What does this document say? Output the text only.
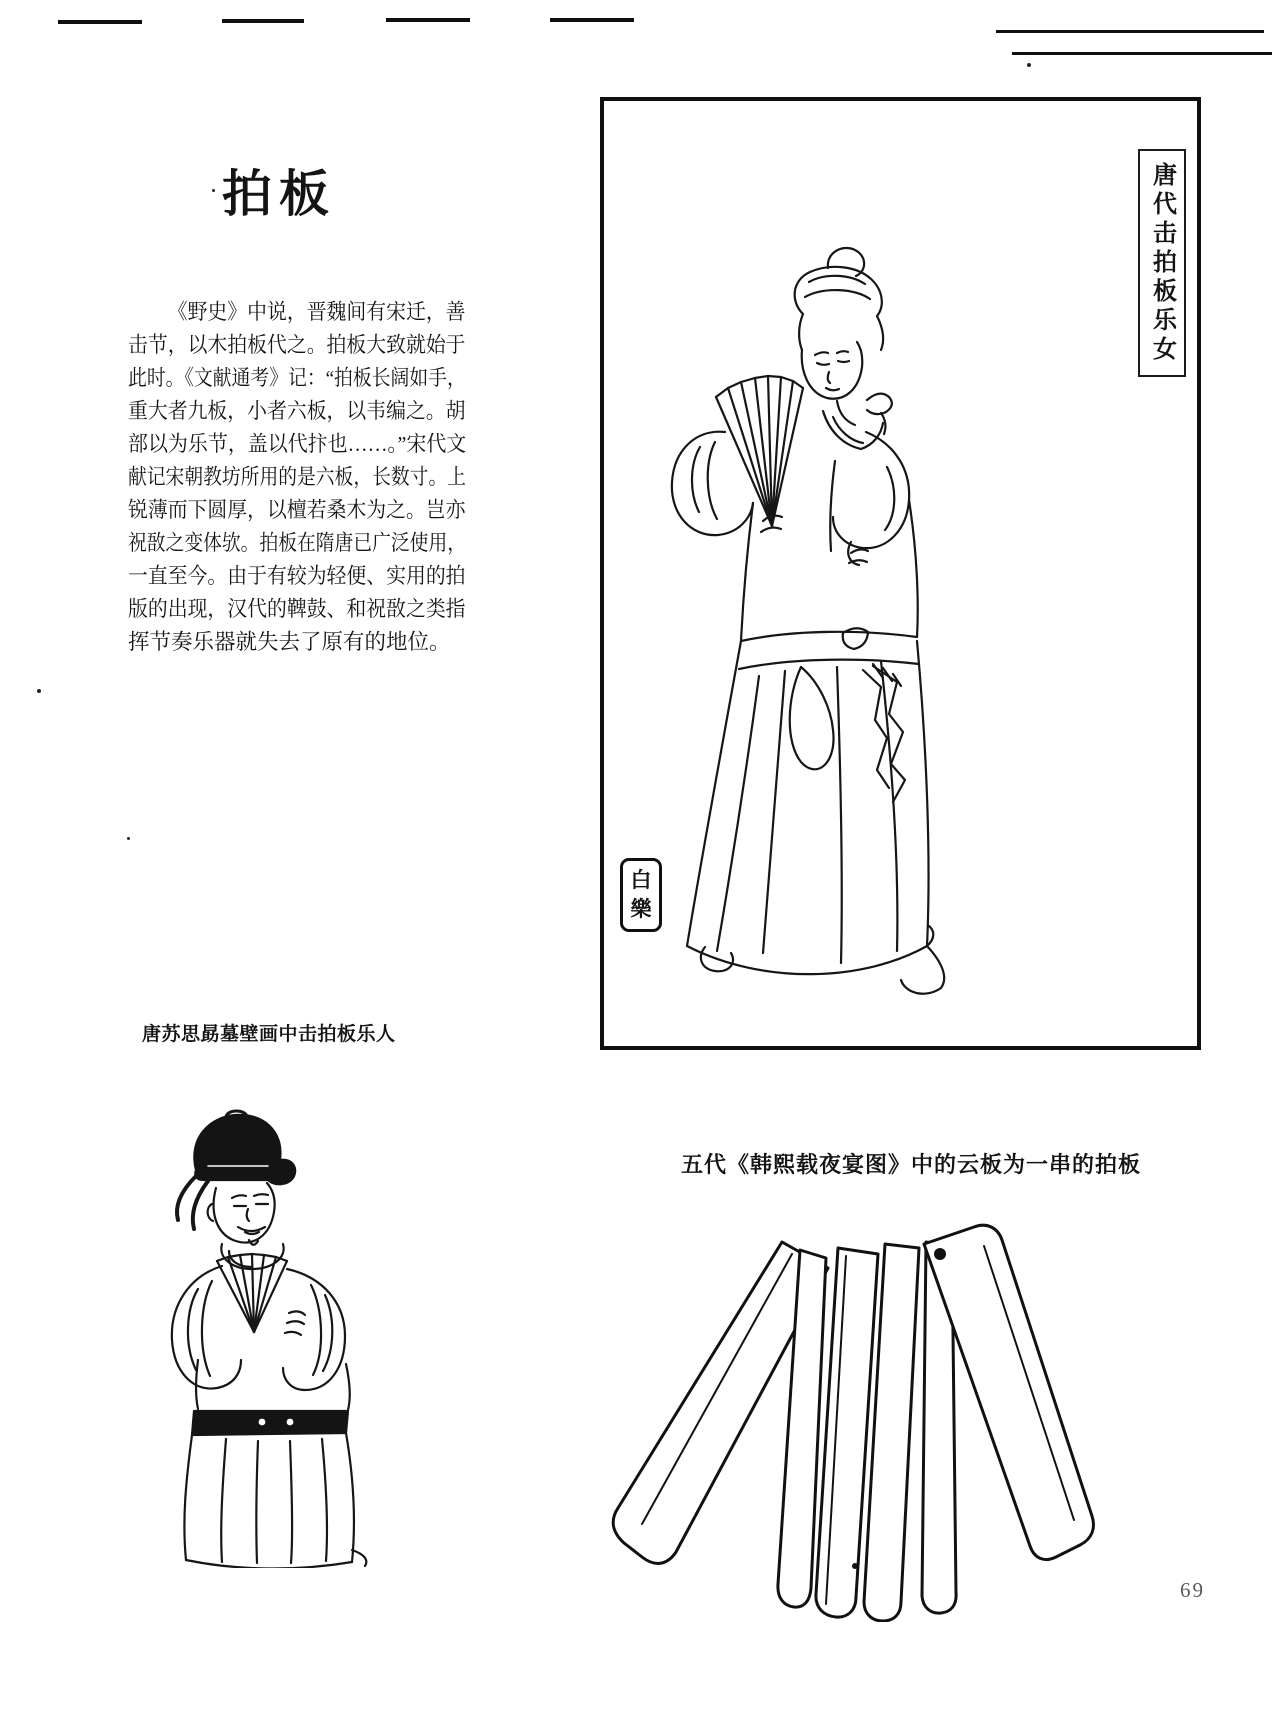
拍板
《野史》中说，晋魏间有宋迁，善
击节，以木拍板代之。拍板大致就始于
此时。《文献通考》记：“拍板长阔如手，
重大者九板，小者六板，以韦编之。胡
部以为乐节，盖以代抃也……。”宋代文
献记宋朝教坊所用的是六板，长数寸。上
锐薄而下圆厚，以檀若桑木为之。岂亦
祝敔之变体欤。拍板在隋唐已广泛使用，
一直至今。由于有较为轻便、实用的拍
版的出现，汉代的鞞鼓、和祝敔之类指
挥节奏乐器就失去了原有的地位。
唐代击拍板乐女
白
樂
唐苏思勗墓壁画中击拍板乐人
五代《韩熙载夜宴图》中的云板为一串的拍板
69
